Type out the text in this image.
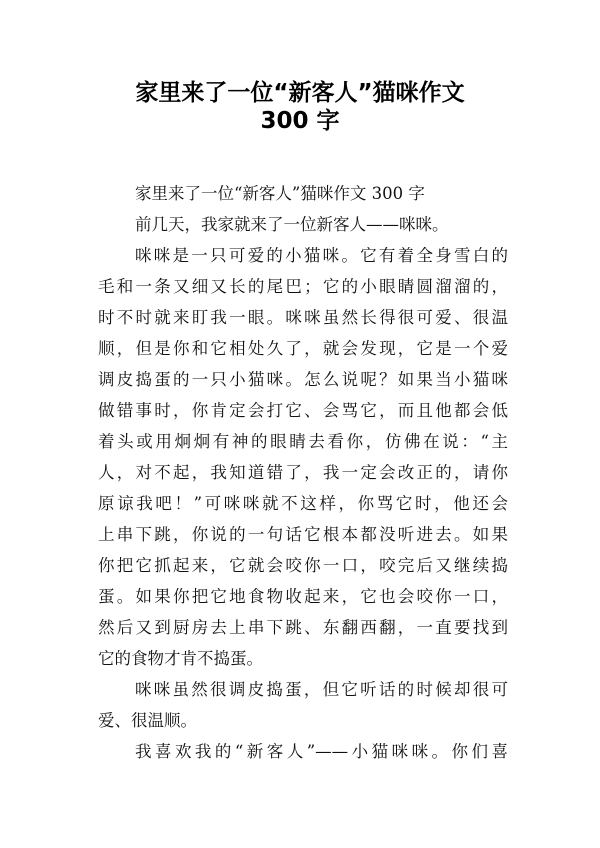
家里来了一位“新客人”猫咪作文
300 字
家里来了一位“新客人”猫咪作文 300 字
前几天，我家就来了一位新客人——咪咪。
咪咪是一只可爱的小猫咪。它有着全身雪白的
毛和一条又细又长的尾巴；它的小眼睛圆溜溜的，
时不时就来盯我一眼。咪咪虽然长得很可爱、很温
顺，但是你和它相处久了，就会发现，它是一个爱
调皮捣蛋的一只小猫咪。怎么说呢？如果当小猫咪
做错事时，你肯定会打它、会骂它，而且他都会低
着头或用炯炯有神的眼睛去看你，仿佛在说：“主
人，对不起，我知道错了，我一定会改正的，请你
原谅我吧！”可咪咪就不这样，你骂它时，他还会
上串下跳，你说的一句话它根本都没听进去。如果
你把它抓起来，它就会咬你一口，咬完后又继续捣
蛋。如果你把它地食物收起来，它也会咬你一口，
然后又到厨房去上串下跳、东翻西翻，一直要找到
它的食物才肯不捣蛋。
咪咪虽然很调皮捣蛋，但它听话的时候却很可
爱、很温顺。
我喜欢我的“新客人”——小猫咪咪。你们喜
